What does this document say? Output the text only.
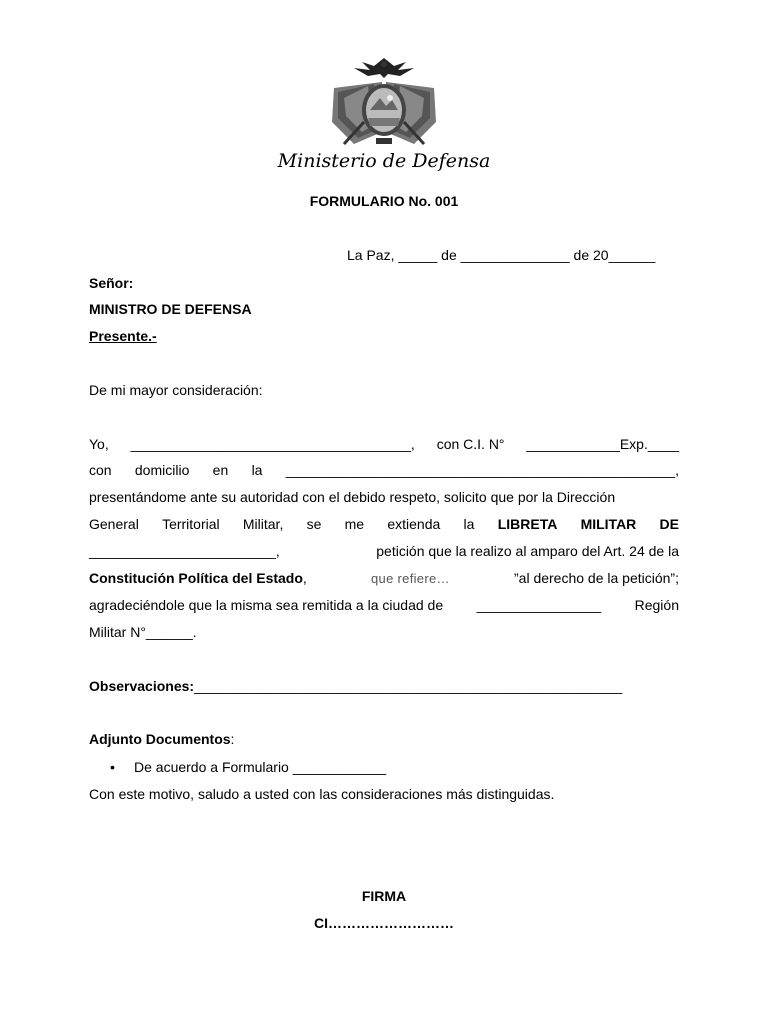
Ministerio de Defensa
FORMULARIO No. 001
La Paz, _____ de ______________ de 20______
Señor:
MINISTRO DE DEFENSA
Presente.-
De mi mayor consideración:
Yo, ____________________________________, con C.I. N° ____________Exp.____
con domicilio en la __________________________________________________,
presentándome ante su autoridad con el debido respeto, solicito que por la Dirección
General Territorial Militar, se me extienda la LIBRETA MILITAR DE
________________________,	petición que la realizo al amparo del Art. 24 de la
Constitución Política del Estado,	que refiere…	”al derecho de la petición”;
agradeciéndole que la misma sea remitida a la ciudad de ________________ Región
Militar N°______.
Observaciones:_______________________________________________________
Adjunto Documentos:
• De acuerdo a Formulario ____________
Con este motivo, saludo a usted con las consideraciones más distinguidas.
FIRMA
CI………………………
